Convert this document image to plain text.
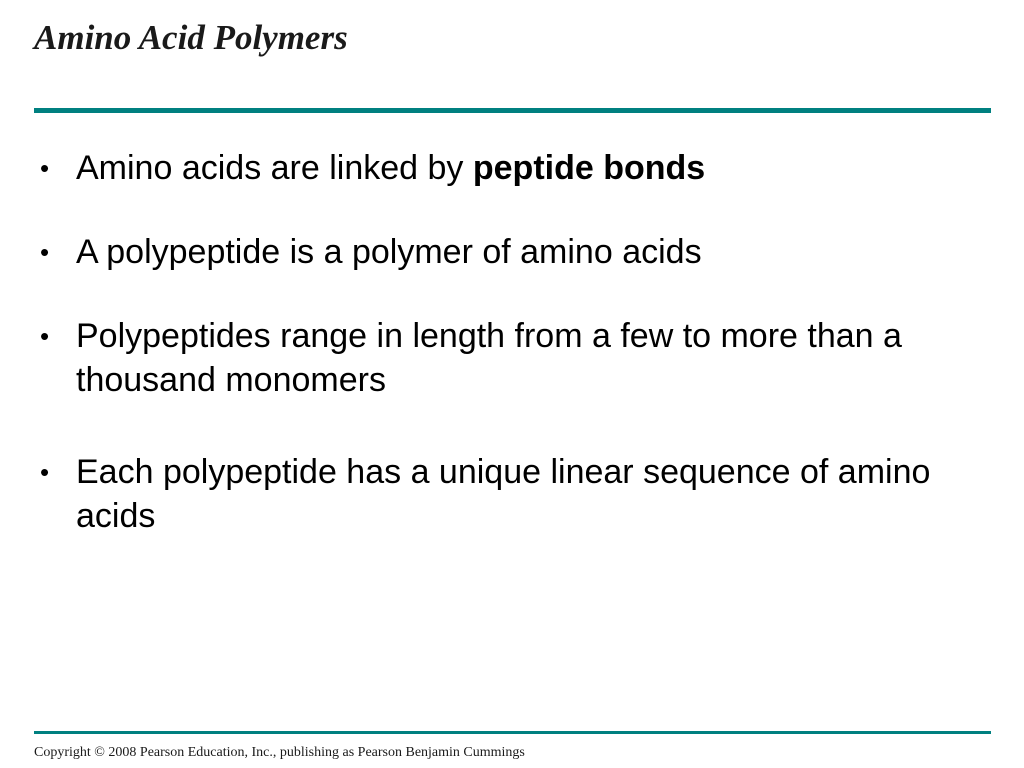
Amino Acid Polymers
• Amino acids are linked by peptide bonds
• A polypeptide is a polymer of amino acids
• Polypeptides range in length from a few to more than a thousand monomers
• Each polypeptide has a unique linear sequence of amino acids
Copyright © 2008 Pearson Education, Inc., publishing as Pearson Benjamin Cummings
